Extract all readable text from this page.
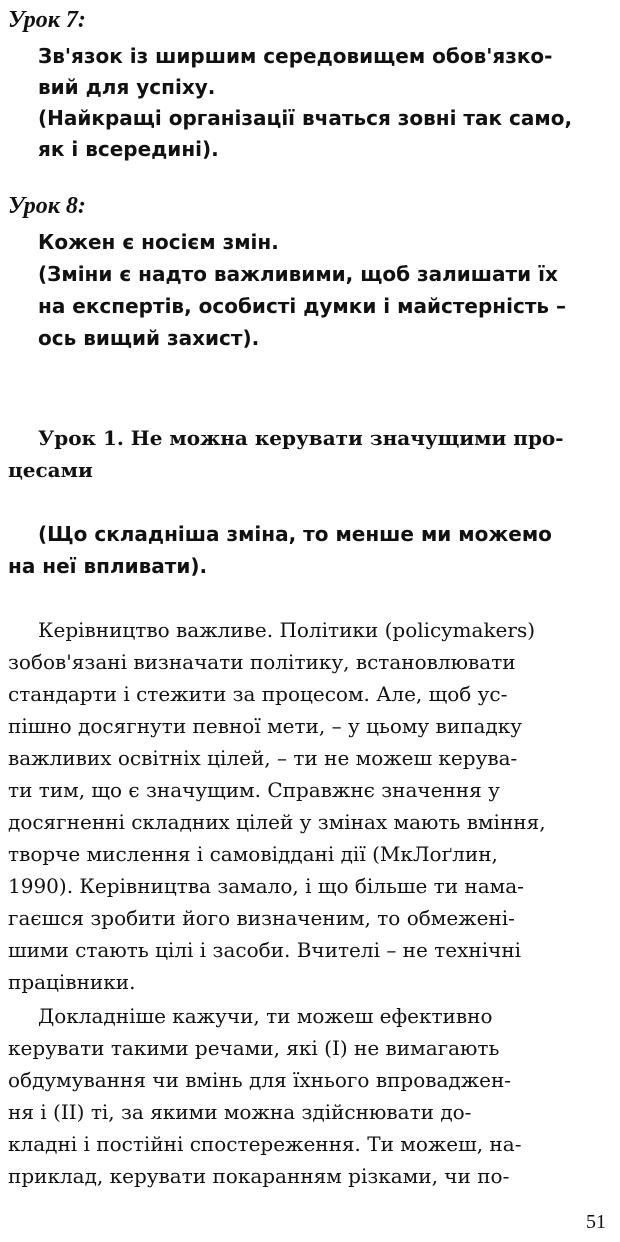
Урок 7:
Зв'язок із ширшим середовищем обов'язко-
вий для успіху.
(Найкращі організації вчаться зовні так само,
як і всередині).
Урок 8:
Кожен є носієм змін.
(Зміни є надто важливими, щоб залишати їх
на експертів, особисті думки і майстерність –
ось вищий захист).
Урок 1. Не можна керувати значущими про-
цесами
(Що складніша зміна, то менше ми можемо
на неї впливати).
Керівництво важливе. Політики (policymakers)
зобов'язані визначати політику, встановлювати
стандарти і стежити за процесом. Але, щоб ус-
пішно досягнути певної мети, – у цьому випадку
важливих освітніх цілей, – ти не можеш керува-
ти тим, що є значущим. Справжнє значення у
досягненні складних цілей у змінах мають вміння,
творче мислення і самовіддані дії (МкЛоґлин,
1990). Керівництва замало, і що більше ти нама-
гаєшся зробити його визначеним, то обмежені-
шими стають цілі і засоби. Вчителі – не технічні
працівники.
Докладніше кажучи, ти можеш ефективно
керувати такими речами, які (I) не вимагають
обдумування чи вмінь для їхнього впроваджен-
ня і (II) ті, за якими можна здійснювати до-
кладні і постійні спостереження. Ти можеш, на-
приклад, керувати покаранням різками, чи по-
51
